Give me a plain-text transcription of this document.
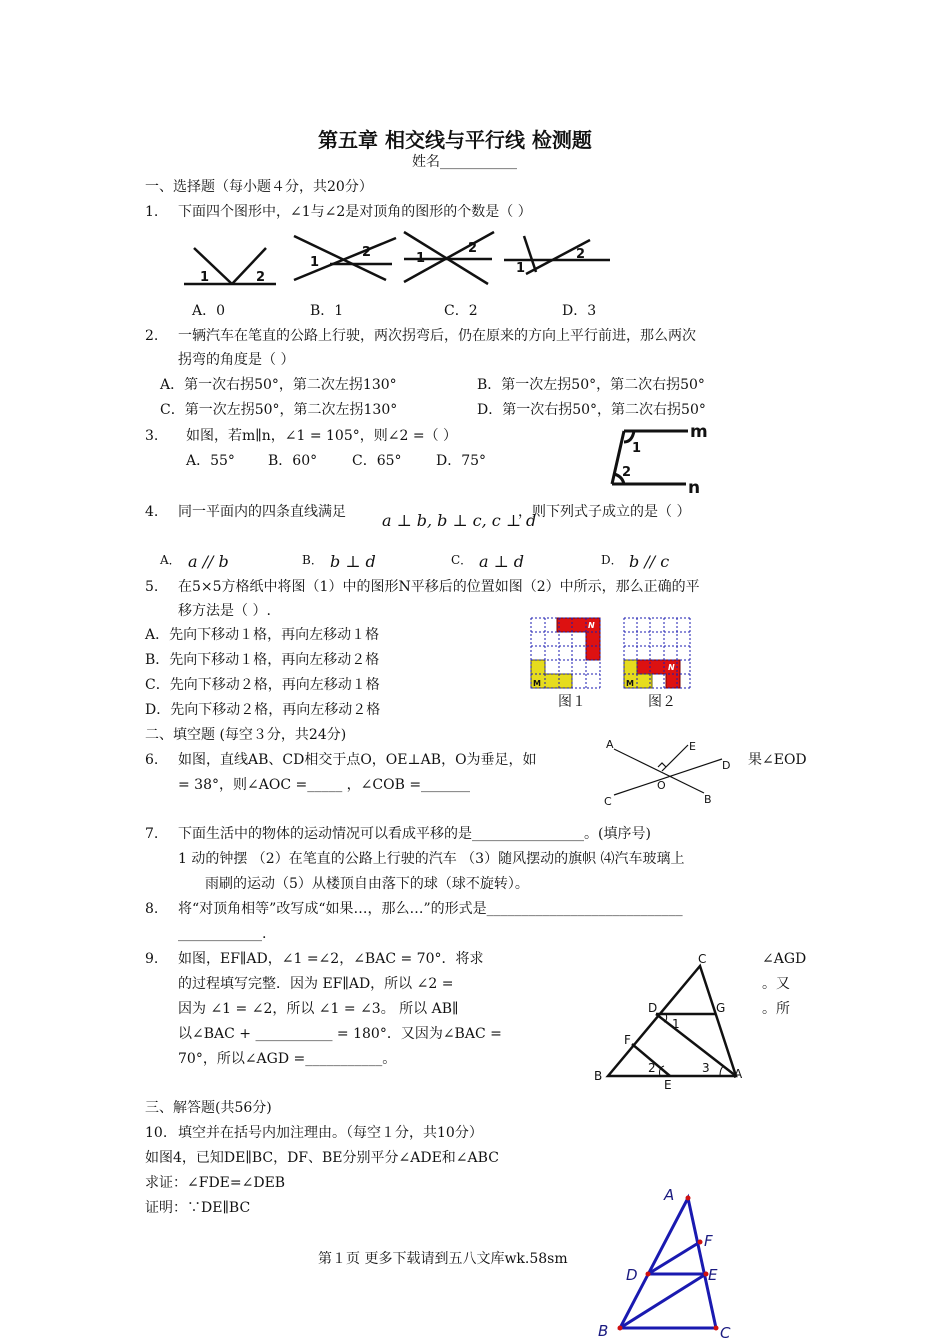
第五章 相交线与平行线 检测题
姓名___________
一、选择题（每小题４分，共20分）
1. 下面四个图形中，∠1与∠2是对顶角的图形的个数是（ ）
1	2
1
2	1
2
1
2
A．0	B．1	C．2	D．3
2. 一辆汽车在笔直的公路上行驶，两次拐弯后，仍在原来的方向上平行前进，那么两次
拐弯的角度是（ ）
A．第一次右拐50°，第二次左拐130°	B．第一次左拐50°，第二次右拐50°
C．第一次左拐50°，第二次左拐130°	D．第一次右拐50°，第二次右拐50°
3. 如图，若m∥n，∠1 = 105°，则∠2 =（ ）
A．55° B．60° C．65° D．75°
m
n
1
2
4. 同一平面内的四条直线满足 a ⊥ b, b ⊥ c, c ⊥ d
，则下列式子成立的是（ ）
A． a // b	B． b ⊥ d	C． a ⊥ d	D． b // c
5. 在5×5方格纸中将图（1）中的图形N平移后的位置如图（2）中所示，那么正确的平
移方法是（ ）.
A．先向下移动１格，再向左移动１格
B．先向下移动１格，再向左移动２格
C．先向下移动２格，再向左移动１格
D．先向下移动２格，再向左移动２格
N
N
M	M
图１	图２
二、填空题 (每空３分，共24分)
6. 如图，直线AB、CD相交于点O，OE⊥AB，O为垂足，如	果∠EOD
= 38°，则∠AOC =_____ ，∠COB =_______
A
B
C
D
E
O
7. 下面生活中的物体的运动情况可以看成平移的是________________。(填序号)
1 动的钟摆 （2）在笔直的公路上行驶的汽车 （3）随风摆动的旗帜 ⑷汽车玻璃上
雨刷的运动（5）从楼顶自由落下的球（球不旋转）。
8. 将“对顶角相等”改写成“如果…，那么…”的形式是____________________________
____________.
9. 如图，EF∥AD，∠1 =∠2，∠BAC = 70°．将求
的过程填写完整．因为 EF∥AD，所以 ∠2 =
因为 ∠1 = ∠2，所以 ∠1 = ∠3。 所以 AB∥
以∠BAC + ___________ = 180°．又因为∠BAC =
70°，所以∠AGD =___________。
∠AGD
。又
。所
C
B	A
D	G
F
E
1
2	3
三、解答题(共56分)
10. 填空并在括号内加注理由。（每空１分，共10分）
如图4，已知DE∥BC，DF、BE分别平分∠ADE和∠ABC
求证：∠FDE=∠DEB
证明：∵DE∥BC
A
B	C
D	E
F
第１页 更多下载请到五八文库wk.58sm
